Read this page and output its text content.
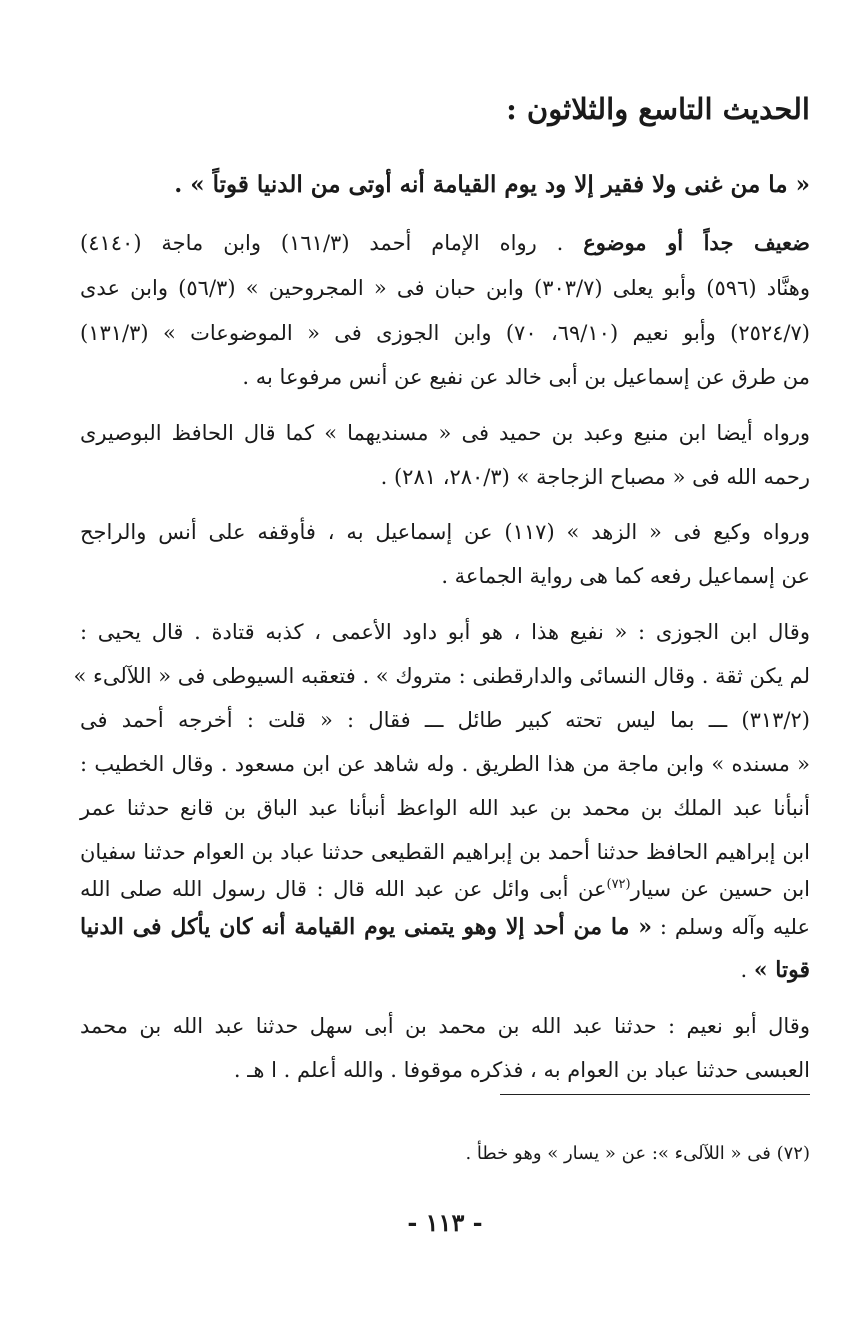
الحديث التاسع والثلاثون :
« ما من غنى ولا فقير إلا ود يوم القيامة أنه أوتى من الدنيا قوتاً » .
ضعيف جداً أو موضوع . رواه الإمام أحمد (١٦١/٣) وابن ماجة (٤١٤٠)
وهنَّاد (٥٩٦) وأبو يعلى (٣٠٣/٧) وابن حبان فى « المجروحين » (٥٦/٣) وابن عدى
(٢٥٢٤/٧) وأبو نعيم (٦٩/١٠، ٧٠) وابن الجوزى فى « الموضوعات » (١٣١/٣)
من طرق عن إسماعيل بن أبى خالد عن نفيع عن أنس مرفوعا به .
ورواه أيضا ابن منيع وعبد بن حميد فى « مسنديهما » كما قال الحافظ البوصيرى
رحمه الله فى « مصباح الزجاجة » (٢٨٠/٣، ٢٨١) .
ورواه وكيع فى « الزهد » (١١٧) عن إسماعيل به ، فأوقفه على أنس والراجح
عن إسماعيل رفعه كما هى رواية الجماعة .
وقال ابن الجوزى : « نفيع هذا ، هو أبو داود الأعمى ، كذبه قتادة . قال يحيى :
لم يكن ثقة . وقال النسائى والدارقطنى : متروك » . فتعقبه السيوطى فى « اللآلىء »
(٣١٣/٢) ـــ بما ليس تحته كبير طائل ـــ فقال : « قلت : أخرجه أحمد فى
« مسنده » وابن ماجة من هذا الطريق . وله شاهد عن ابن مسعود . وقال الخطيب :
أنبأنا عبد الملك بن محمد بن عبد الله الواعظ أنبأنا عبد الباق بن قانع حدثنا عمر
ابن إبراهيم الحافظ حدثنا أحمد بن إبراهيم القطيعى حدثنا عباد بن العوام حدثنا سفيان
ابن حسين عن سيار$^{(٧٢)}$عن أبى وائل عن عبد الله قال : قال رسول الله صلى الله
عليه وآله وسلم : « ما من أحد إلا وهو يتمنى يوم القيامة أنه كان يأكل فى الدنيا
قوتا » .
وقال أبو نعيم : حدثنا عبد الله بن محمد بن أبى سهل حدثنا عبد الله بن محمد
العبسى حدثنا عباد بن العوام به ، فذكره موقوفا . والله أعلم . ا هـ .
(٧٢) فى « اللآلىء »: عن « يسار » وهو خطأ .
- ١١٣ -
